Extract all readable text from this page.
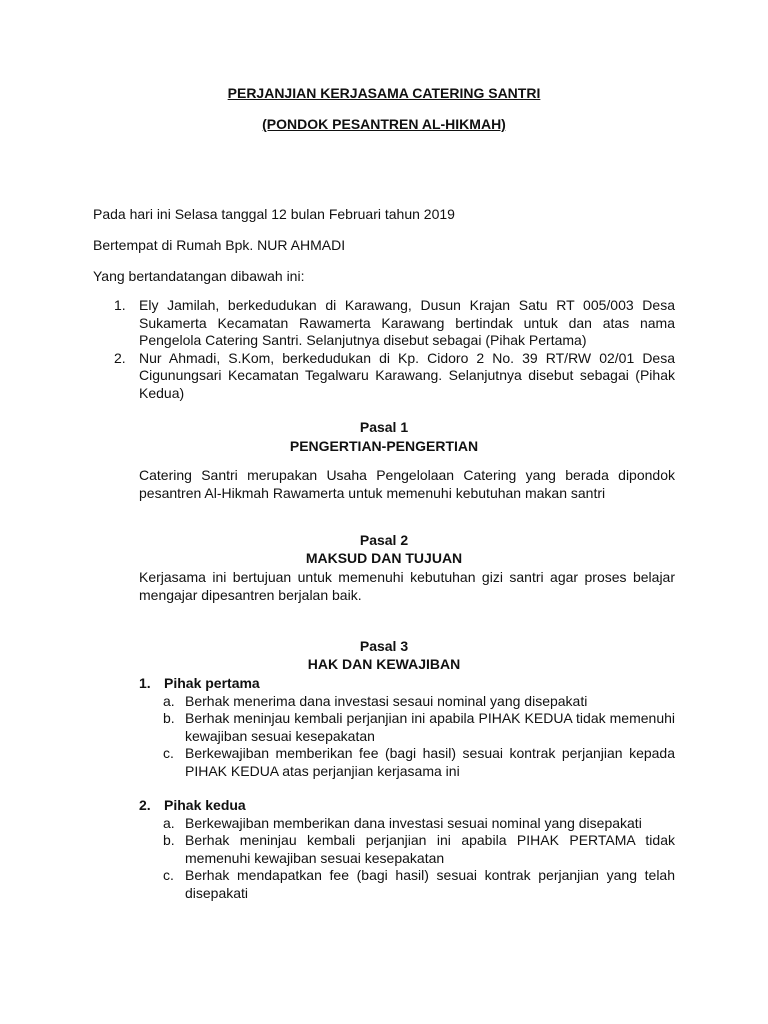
PERJANJIAN KERJASAMA CATERING SANTRI
(PONDOK PESANTREN AL-HIKMAH)
Pada hari ini Selasa tanggal 12 bulan Februari tahun 2019
Bertempat di Rumah Bpk. NUR AHMADI
Yang bertandatangan dibawah ini:
1. Ely Jamilah, berkedudukan di Karawang, Dusun Krajan Satu RT 005/003 Desa Sukamerta Kecamatan Rawamerta Karawang bertindak untuk dan atas nama Pengelola Catering Santri. Selanjutnya disebut sebagai (Pihak Pertama)
2. Nur Ahmadi, S.Kom, berkedudukan di Kp. Cidoro 2 No. 39 RT/RW 02/01 Desa Cigunungsari Kecamatan Tegalwaru Karawang. Selanjutnya disebut sebagai (Pihak Kedua)
Pasal 1
PENGERTIAN-PENGERTIAN
Catering Santri merupakan Usaha Pengelolaan Catering yang berada dipondok pesantren Al-Hikmah Rawamerta untuk memenuhi kebutuhan makan santri
Pasal 2
MAKSUD DAN TUJUAN
Kerjasama ini bertujuan untuk memenuhi kebutuhan gizi santri agar proses belajar mengajar dipesantren berjalan baik.
Pasal 3
HAK DAN KEWAJIBAN
1. Pihak pertama
a. Berhak menerima dana investasi sesaui nominal yang disepakati
b. Berhak meninjau kembali perjanjian ini apabila PIHAK KEDUA tidak memenuhi kewajiban sesuai kesepakatan
c. Berkewajiban memberikan fee (bagi hasil) sesuai kontrak perjanjian kepada PIHAK KEDUA atas perjanjian kerjasama ini
2. Pihak kedua
a. Berkewajiban memberikan dana investasi sesuai nominal yang disepakati
b. Berhak meninjau kembali perjanjian ini apabila PIHAK PERTAMA tidak memenuhi kewajiban sesuai kesepakatan
c. Berhak mendapatkan fee (bagi hasil) sesuai kontrak perjanjian yang telah disepakati
